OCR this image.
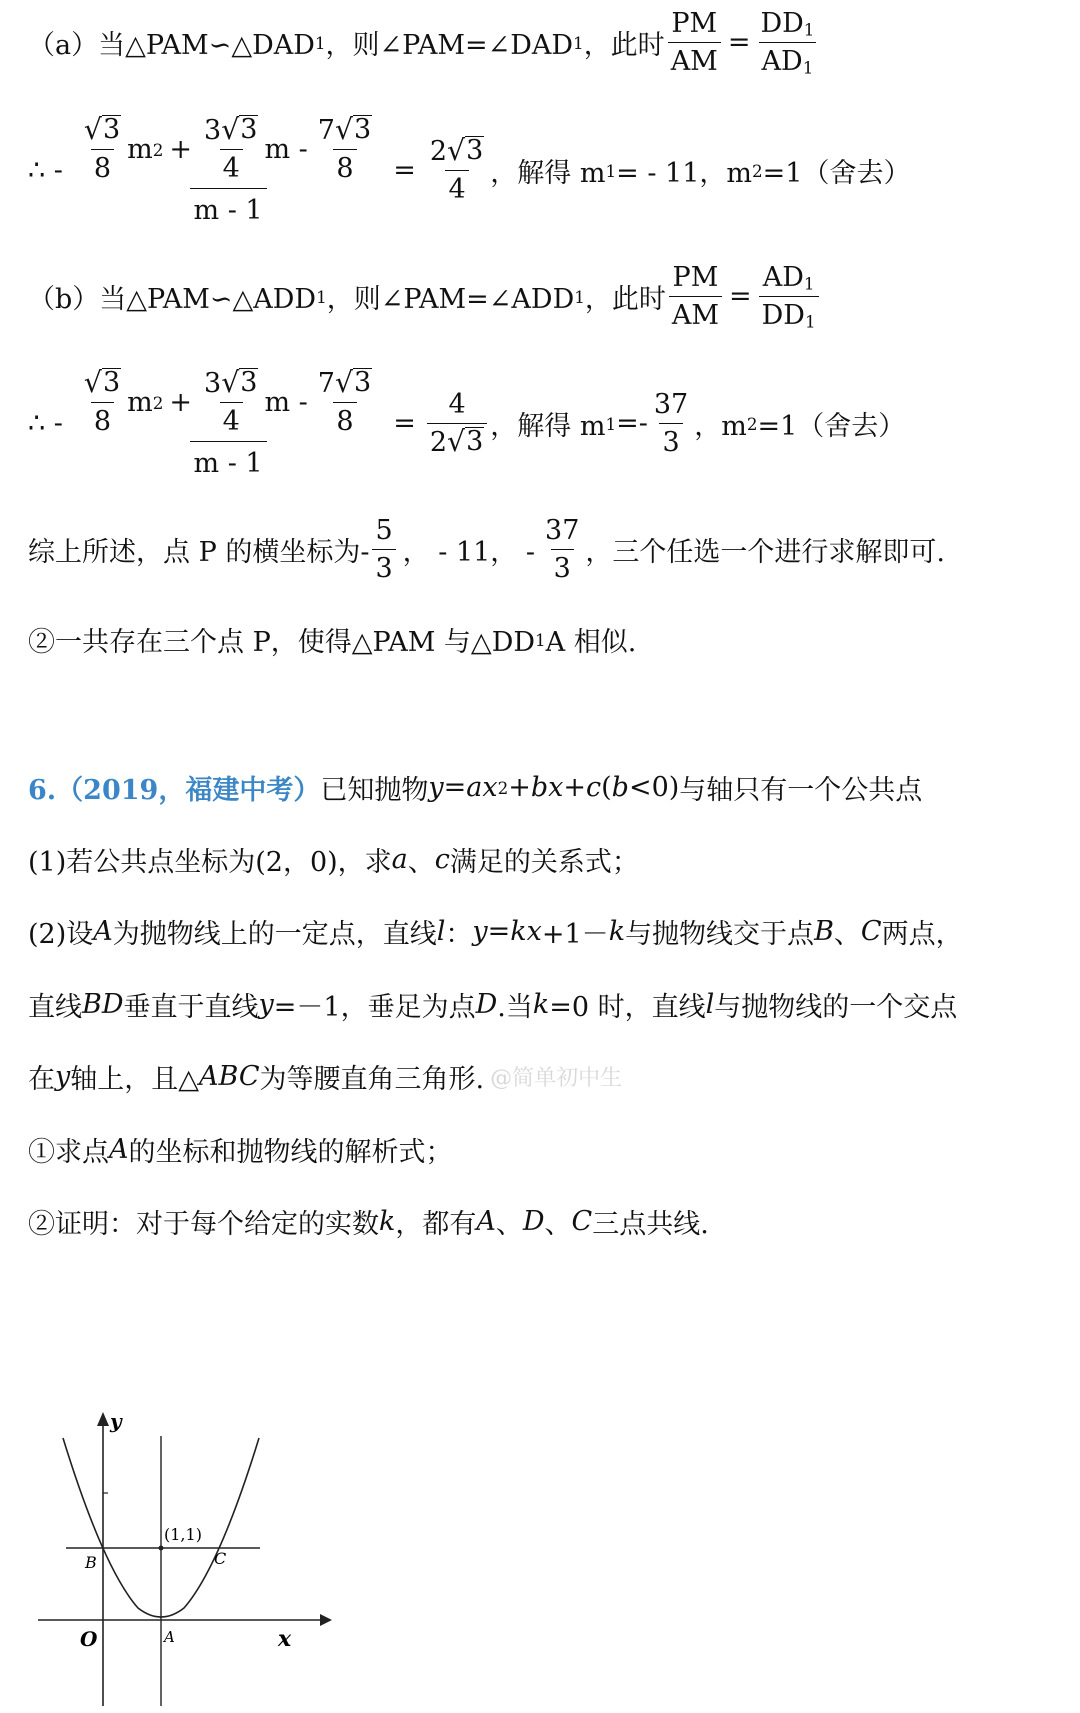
（a）当△PAM∽△DAD 1 ，则∠PAM=∠DAD 1 ，此时 $\frac{PM}{AM} = \frac{DD_1}{AD_1}$
∴ - $\frac{√ 3}{8}$ m $2 + \frac{3 √ 3}{4}$ m - $\frac{7 √ 3}{8}$
m - 1
= $\frac{2 √ 3}{4}$ ，解得 m 1 = - 11，m 2 =1（舍去）
（b）当△PAM∽△ADD 1 ，则∠PAM=∠ADD 1 ，此时 $\frac{PM}{AM} = \frac{AD_1}{DD_1}$
∴ - $\frac{√ 3}{8}$ m $2 + \frac{3 √ 3}{4}$ m - $\frac{7 √ 3}{8}$
m - 1
= $\frac{4}{2 √ 3}$ ，解得 m $1 =- \frac{37}{3}$ ，m 2 =1（舍去）
综上所述，点 P 的横坐标为- $\frac{5}{3}$ ， - 11， - $\frac{37}{3}$ ，三个任选一个进行求解即可.
②一共存在三个点 P，使得△PAM 与△DD 1 A 相似.
6.（2019，福建中考） 已知抛物 y = ax 2 + bx + c ( b <0) 与轴只有一个公共点
(1)若公共点坐标为(2，0)，求 a 、 c 满足的关系式；
(2)设 A 为抛物线上的一定点，直线 l ： y = kx +1－ k 与抛物线交于点 B 、 C 两点，
直线 BD 垂直于直线 y =－1，垂足为点 D .当 k =0 时，直线 l 与抛物线的一个交点
在 y 轴上，且△ ABC 为等腰直角三角形. @简单初中生
①求点 A 的坐标和抛物线的解析式；
②证明：对于每个给定的实数 k ，都有 A 、 D 、 C 三点共线.
y
x
O
(1,1)
B	C
A
